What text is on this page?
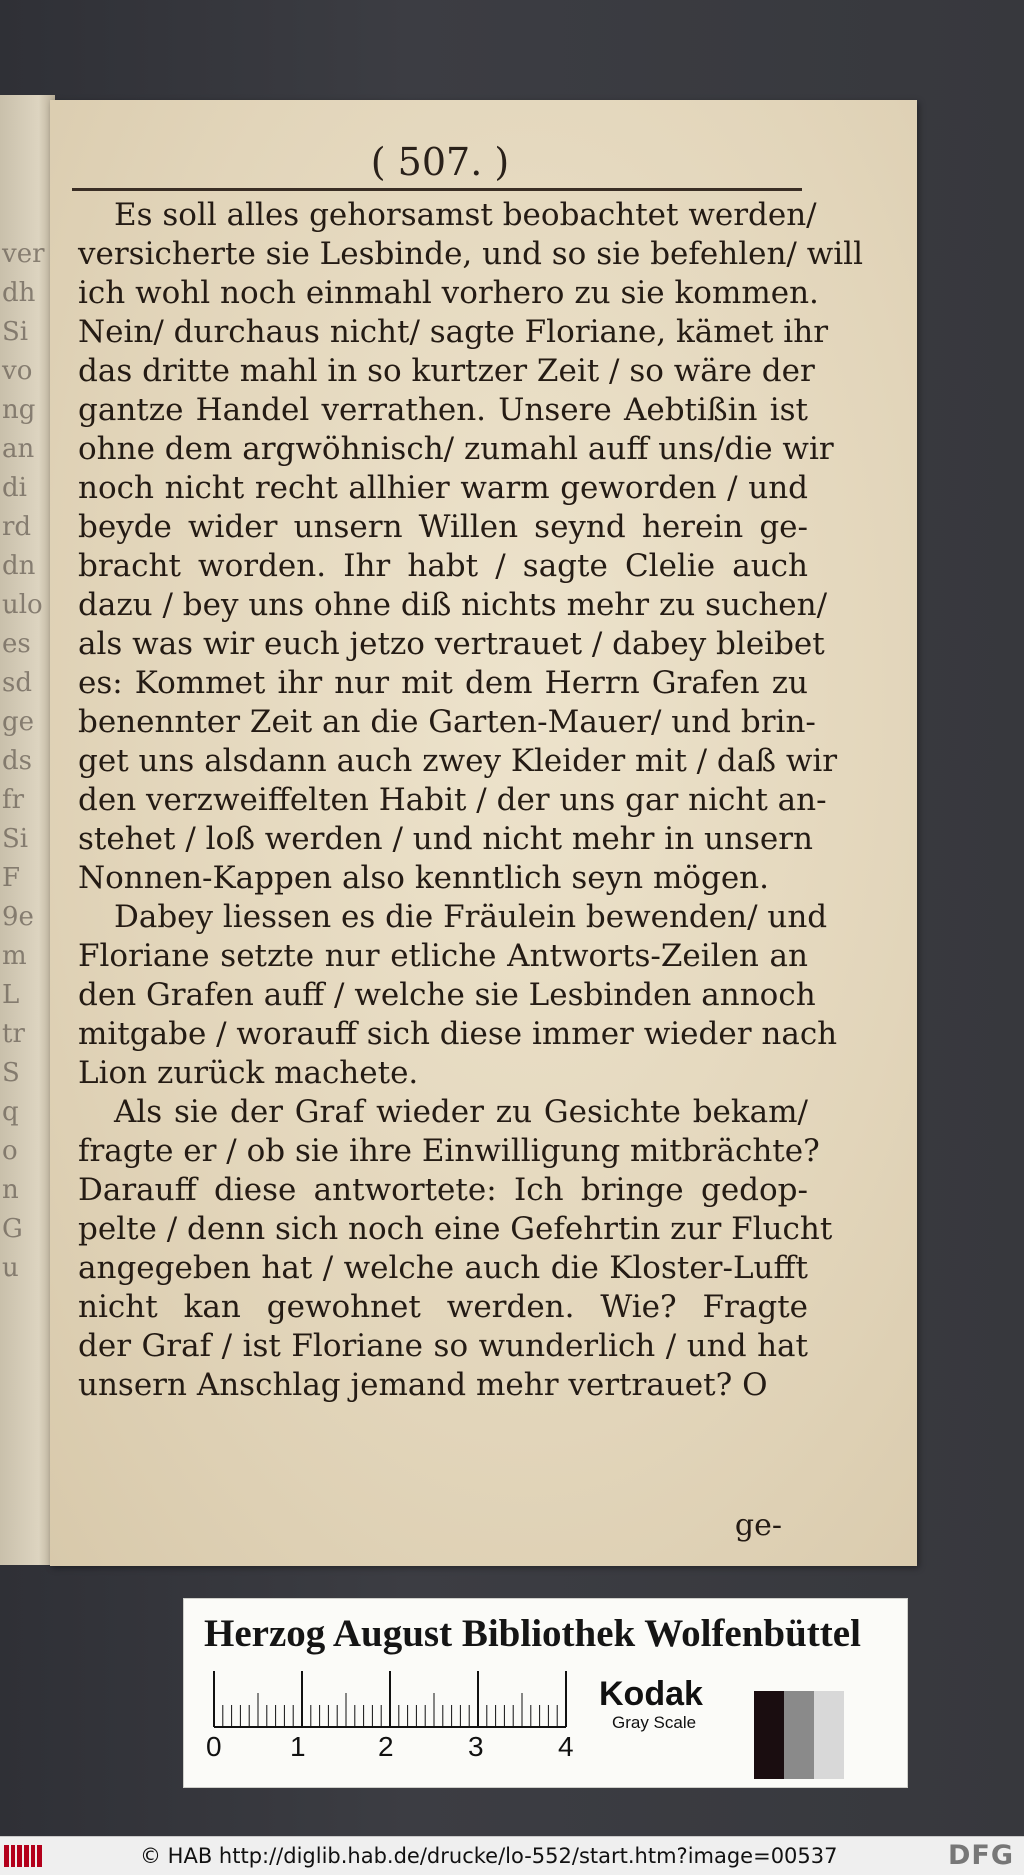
ver
dh
Si
vo
ng
an
di
rd
dn
ulo
es
sd
ge
ds
fr
Si
F
9e
m
L
tr
S
q
o
n
G
u
( 507. )
Es soll alles gehorsamst beobachtet werden/
versicherte sie Lesbinde, und so sie befehlen/ will
ich wohl noch einmahl vorhero zu sie kommen.
Nein/ durchaus nicht/ sagte Floriane, kämet ihr
das dritte mahl in so kurtzer Zeit / so wäre der
gantze Handel verrathen. Unsere Aebtißin ist
ohne dem argwöhnisch/ zumahl auff uns/die wir
noch nicht recht allhier warm geworden / und
beyde wider unsern Willen seynd herein ge-
bracht worden. Ihr habt / sagte Clelie auch
dazu / bey uns ohne diß nichts mehr zu suchen/
als was wir euch jetzo vertrauet / dabey bleibet
es: Kommet ihr nur mit dem Herrn Grafen zu
benennter Zeit an die Garten-Mauer/ und brin-
get uns alsdann auch zwey Kleider mit / daß wir
den verzweiffelten Habit / der uns gar nicht an-
stehet / loß werden / und nicht mehr in unsern
Nonnen-Kappen also kenntlich seyn mögen.
Dabey liessen es die Fräulein bewenden/ und
Floriane setzte nur etliche Antworts-Zeilen an
den Grafen auff / welche sie Lesbinden annoch
mitgabe / worauff sich diese immer wieder nach
Lion zurück machete.
Als sie der Graf wieder zu Gesichte bekam/
fragte er / ob sie ihre Einwilligung mitbrächte?
Darauff diese antwortete: Ich bringe gedop-
pelte / denn sich noch eine Gefehrtin zur Flucht
angegeben hat / welche auch die Kloster-Lufft
nicht kan gewohnet werden. Wie? Fragte
der Graf / ist Floriane so wunderlich / und hat
unsern Anschlag jemand mehr vertrauet? O
ge-
Herzog August Bibliothek Wolfenbüttel
0 1	2	3	4
Kodak
Gray Scale
© HAB http://diglib.hab.de/drucke/lo-552/start.htm?image=00537	DFG
